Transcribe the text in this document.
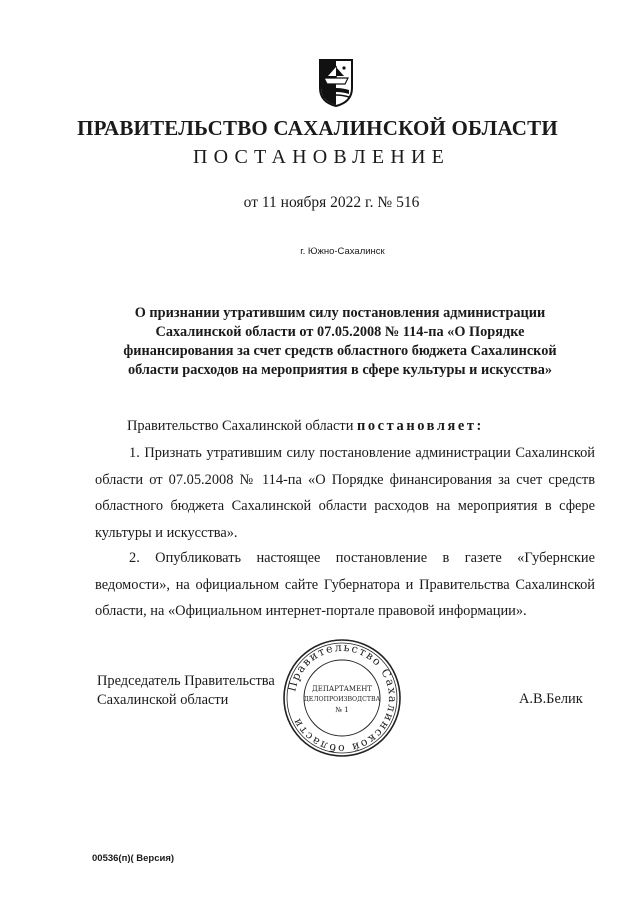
ПРАВИТЕЛЬСТВО САХАЛИНСКОЙ ОБЛАСТИ
ПОСТАНОВЛЕНИЕ
от 11 ноября 2022 г. № 516
г. Южно-Сахалинск
О признании утратившим силу постановления администрации Сахалинской области от 07.05.2008 № 114-па «О Порядке финансирования за счет средств областного бюджета Сахалинской области расходов на мероприятия в сфере культуры и искусства»
Правительство Сахалинской области постановляет:
1. Признать утратившим силу постановление администрации Сахалинской области от 07.05.2008 № 114-па «О Порядке финансирования за счет средств областного бюджета Сахалинской области расходов на мероприятия в сфере культуры и искусства».
2. Опубликовать настоящее постановление в газете «Губернские ведомости», на официальном сайте Губернатора и Правительства Сахалинской области, на «Официальном интернет-портале правовой информации».
Председатель Правительства
Сахалинской области	А.В.Белик
Правительство Сахалинской области
ДЕПАРТАМЕНТ
ДЕЛОПРОИЗВОДСТВА
№ 1
00536(п)( Версия)
